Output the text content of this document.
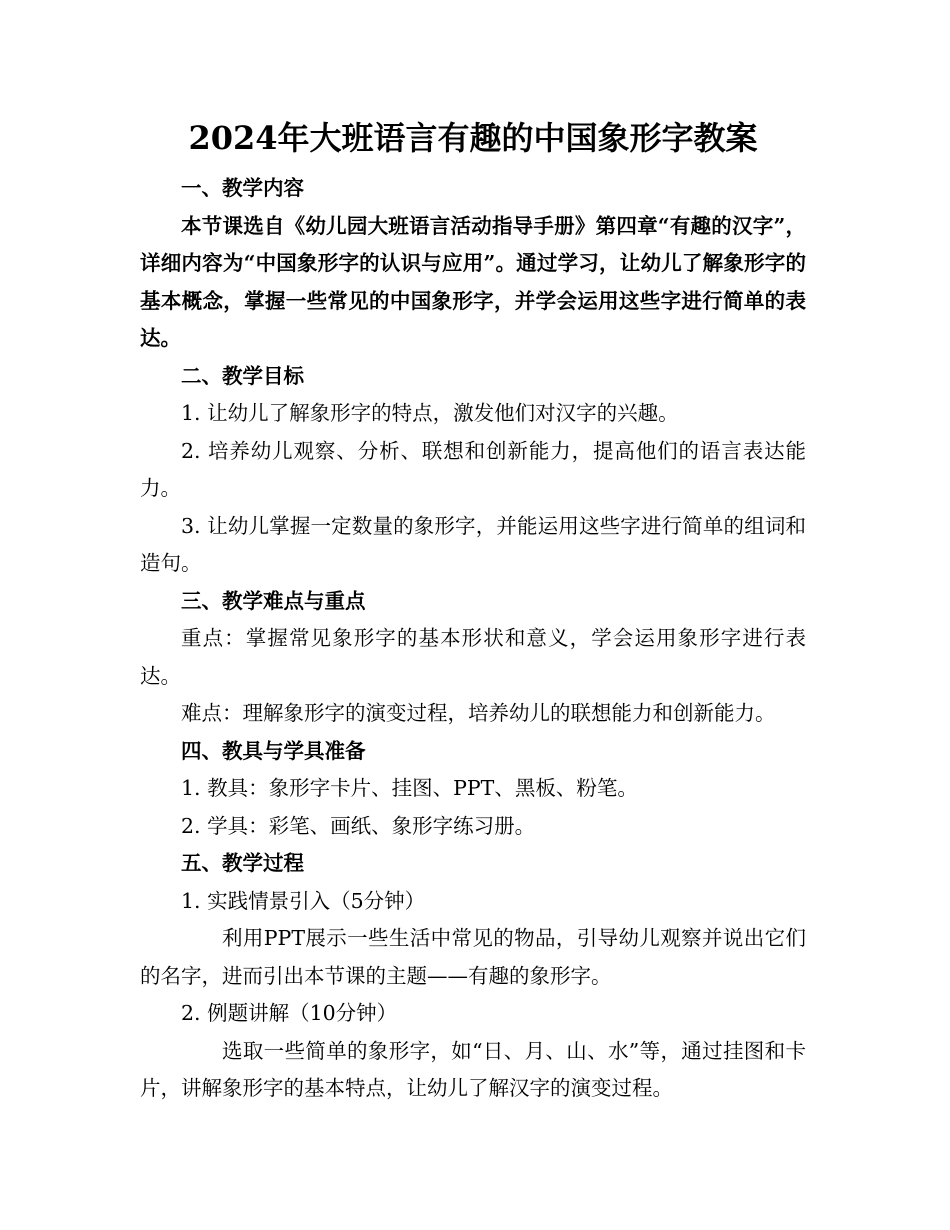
2024年大班语言有趣的中国象形字教案

一、教学内容

本节课选自《幼儿园大班语言活动指导手册》第四章“有趣的汉字”，详细内容为“中国象形字的认识与应用”。通过学习，让幼儿了解象形字的基本概念，掌握一些常见的中国象形字，并学会运用这些字进行简单的表达。

二、教学目标

1. 让幼儿了解象形字的特点，激发他们对汉字的兴趣。

2. 培养幼儿观察、分析、联想和创新能力，提高他们的语言表达能力。

3. 让幼儿掌握一定数量的象形字，并能运用这些字进行简单的组词和造句。

三、教学难点与重点

重点：掌握常见象形字的基本形状和意义，学会运用象形字进行表达。

难点：理解象形字的演变过程，培养幼儿的联想能力和创新能力。

四、教具与学具准备

1. 教具：象形字卡片、挂图、PPT、黑板、粉笔。

2. 学具：彩笔、画纸、象形字练习册。

五、教学过程

1. 实践情景引入（5分钟）

利用PPT展示一些生活中常见的物品，引导幼儿观察并说出它们的名字，进而引出本节课的主题——有趣的象形字。

2. 例题讲解（10分钟）

选取一些简单的象形字，如“日、月、山、水”等，通过挂图和卡片，讲解象形字的基本特点，让幼儿了解汉字的演变过程。
